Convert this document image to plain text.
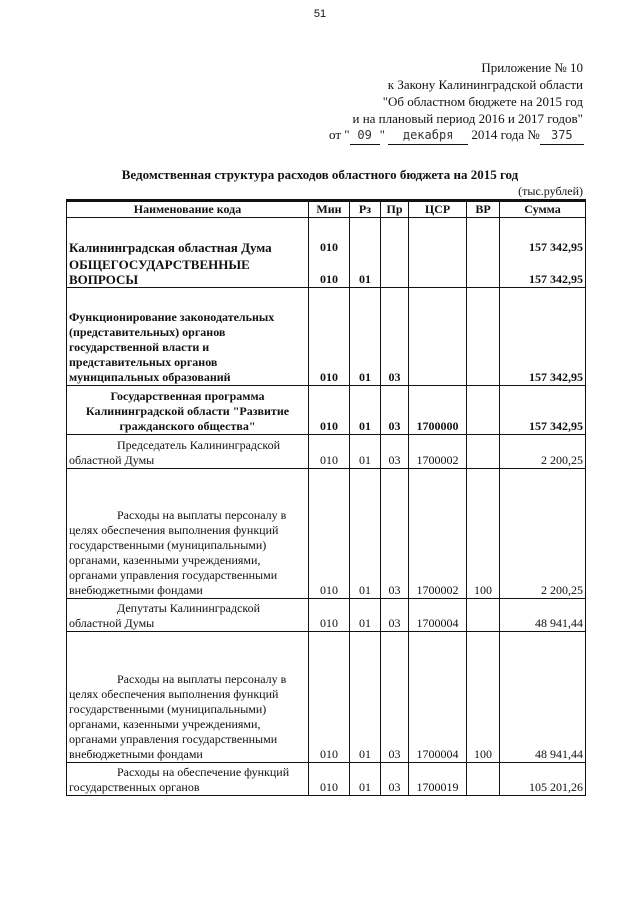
51
Приложение № 10
к Закону Калининградской области
"Об областном бюджете на 2015 год
и на плановый период 2016 и 2017 годов"
от " 09 " декабря 2014 года № 375
Ведомственная структура расходов областного бюджета на 2015 год
(тыс.рублей)
Наименование кода	Мин	Рз	Пр	ЦСР	ВР	Сумма
Калининградская областная Дума	010					157 342,95
ОБЩЕГОСУДАРСТВЕННЫЕ ВОПРОСЫ	010	01				157 342,95
Функционирование законодательных (представительных) органов государственной власти и представительных органов муниципальных образований	010	01	03			157 342,95
Государственная программа Калининградской области "Развитие гражданского общества"	010	01	03	1700000		157 342,95
Председатель Калининградской областной Думы	010	01	03	1700002		2 200,25
Расходы на выплаты персоналу в целях обеспечения выполнения функций государственными (муниципальными) органами, казенными учреждениями, органами управления государственными внебюджетными фондами	010	01	03	1700002	100	2 200,25
Депутаты Калининградской областной Думы	010	01	03	1700004		48 941,44
Расходы на выплаты персоналу в целях обеспечения выполнения функций государственными (муниципальными) органами, казенными учреждениями, органами управления государственными внебюджетными фондами	010	01	03	1700004	100	48 941,44
Расходы на обеспечение функций государственных органов	010	01	03	1700019		105 201,26
